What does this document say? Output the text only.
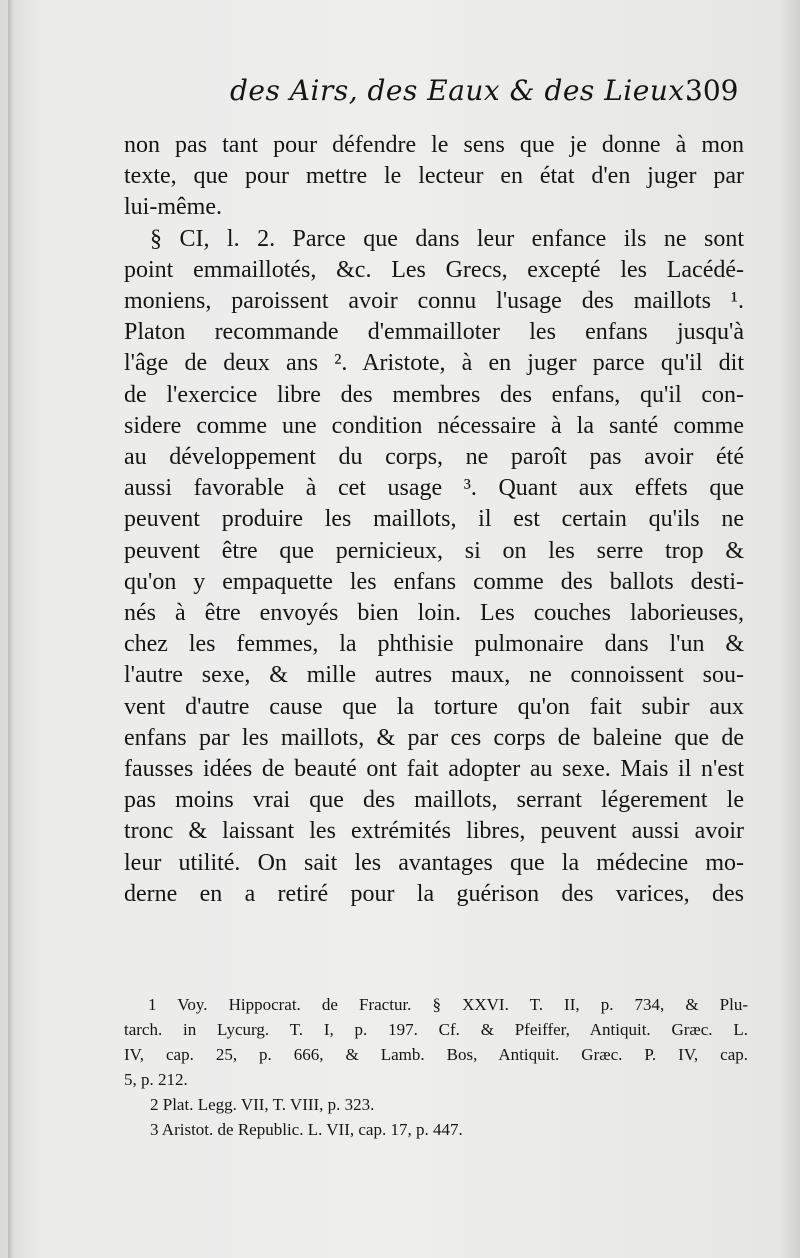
des Airs, des Eaux & des Lieux.
309
non pas tant pour défendre le sens que je donne à mon
texte, que pour mettre le lecteur en état d'en juger par
lui-même.
§ CI, l. 2. Parce que dans leur enfance ils ne sont
point emmaillotés, &c. Les Grecs, excepté les Lacédé-
moniens, paroissent avoir connu l'usage des maillots ¹.
Platon recommande d'emmailloter les enfans jusqu'à
l'âge de deux ans ². Aristote, à en juger parce qu'il dit
de l'exercice libre des membres des enfans, qu'il con-
sidere comme une condition nécessaire à la santé comme
au développement du corps, ne paroît pas avoir été
aussi favorable à cet usage ³. Quant aux effets que
peuvent produire les maillots, il est certain qu'ils ne
peuvent être que pernicieux, si on les serre trop &
qu'on y empaquette les enfans comme des ballots desti-
nés à être envoyés bien loin. Les couches laborieuses,
chez les femmes, la phthisie pulmonaire dans l'un &
l'autre sexe, & mille autres maux, ne connoissent sou-
vent d'autre cause que la torture qu'on fait subir aux
enfans par les maillots, & par ces corps de baleine que de
fausses idées de beauté ont fait adopter au sexe. Mais il n'est
pas moins vrai que des maillots, serrant légerement le
tronc & laissant les extrémités libres, peuvent aussi avoir
leur utilité. On sait les avantages que la médecine mo-
derne en a retiré pour la guérison des varices, des
1 Voy. Hippocrat. de Fractur. § XXVI. T. II, p. 734, & Plu-
tarch. in Lycurg. T. I, p. 197. Cf. & Pfeiffer, Antiquit. Græc. L.
IV, cap. 25, p. 666, & Lamb. Bos, Antiquit. Græc. P. IV, cap.
5, p. 212.
2 Plat. Legg. VII, T. VIII, p. 323.
3 Aristot. de Republic. L. VII, cap. 17, p. 447.
